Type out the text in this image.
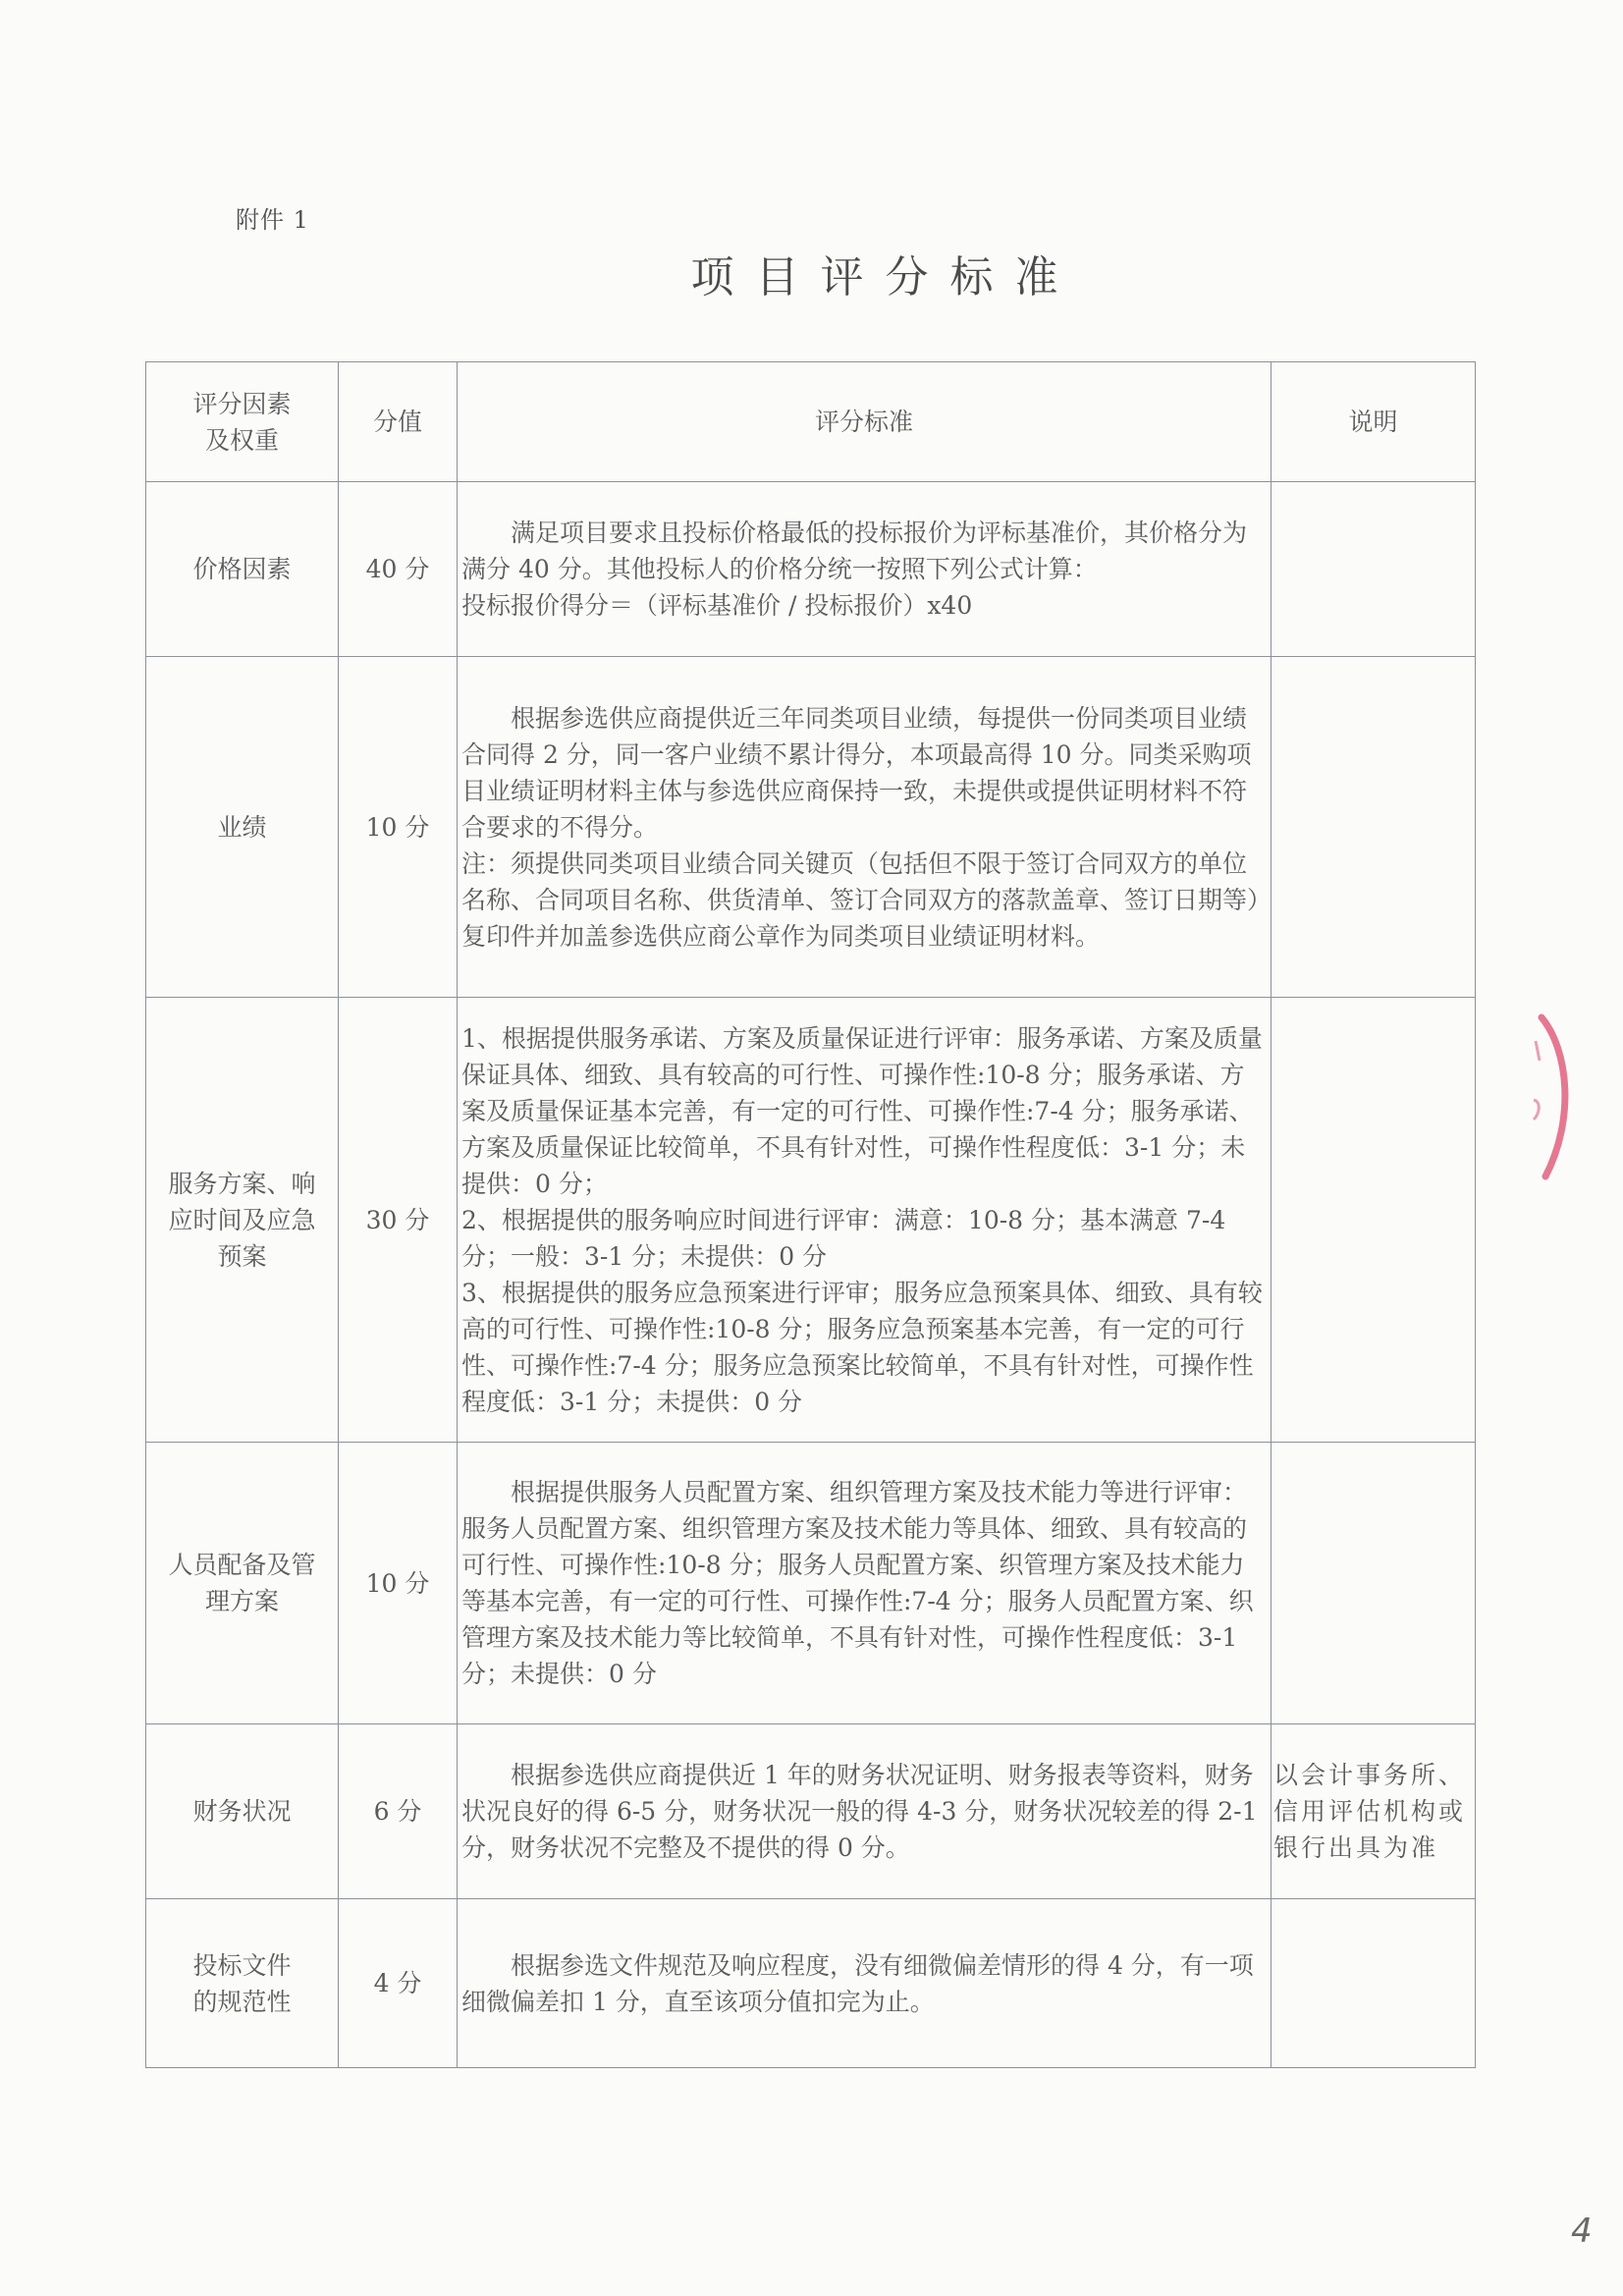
附件 1
项目评分标准
评分因素及权重	分值	评分标准	说明
价格因素	40 分	满足项目要求且投标价格最低的投标报价为评标基准价，其价格分为满分 40 分。其他投标人的价格分统一按照下列公式计算：
投标报价得分＝（评标基准价 / 投标报价）x40	

业绩	10 分	根据参选供应商提供近三年同类项目业绩，每提供一份同类项目业绩合同得 2 分，同一客户业绩不累计得分，本项最高得 10 分。同类采购项目业绩证明材料主体与参选供应商保持一致，未提供或提供证明材料不符合要求的不得分。
注：须提供同类项目业绩合同关键页（包括但不限于签订合同双方的单位名称、合同项目名称、供货清单、签订合同双方的落款盖章、签订日期等）复印件并加盖参选供应商公章作为同类项目业绩证明材料。	

服务方案、响应时间及应急预案	30 分	1、根据提供服务承诺、方案及质量保证进行评审：服务承诺、方案及质量保证具体、细致、具有较高的可行性、可操作性:10-8 分；服务承诺、方案及质量保证基本完善，有一定的可行性、可操作性:7-4 分；服务承诺、方案及质量保证比较简单，不具有针对性，可操作性程度低：3-1 分；未提供：0 分；
2、根据提供的服务响应时间进行评审：满意：10-8 分；基本满意 7-4 分；一般：3-1 分；未提供：0 分
3、根据提供的服务应急预案进行评审；服务应急预案具体、细致、具有较高的可行性、可操作性:10-8 分；服务应急预案基本完善，有一定的可行性、可操作性:7-4 分；服务应急预案比较简单，不具有针对性，可操作性程度低：3-1 分；未提供：0 分	

人员配备及管理方案	10 分	根据提供服务人员配置方案、组织管理方案及技术能力等进行评审：服务人员配置方案、组织管理方案及技术能力等具体、细致、具有较高的可行性、可操作性:10-8 分；服务人员配置方案、织管理方案及技术能力等基本完善，有一定的可行性、可操作性:7-4 分；服务人员配置方案、织管理方案及技术能力等比较简单，不具有针对性，可操作性程度低：3-1 分；未提供：0 分	

财务状况	6 分	根据参选供应商提供近 1 年的财务状况证明、财务报表等资料，财务状况良好的得 6-5 分，财务状况一般的得 4-3 分，财务状况较差的得 2-1 分，财务状况不完整及不提供的得 0 分。	以会计事务所、信用评估机构或银行出具为准

投标文件的规范性	4 分	根据参选文件规范及响应程度，没有细微偏差情形的得 4 分，有一项细微偏差扣 1 分，直至该项分值扣完为止。	

4
